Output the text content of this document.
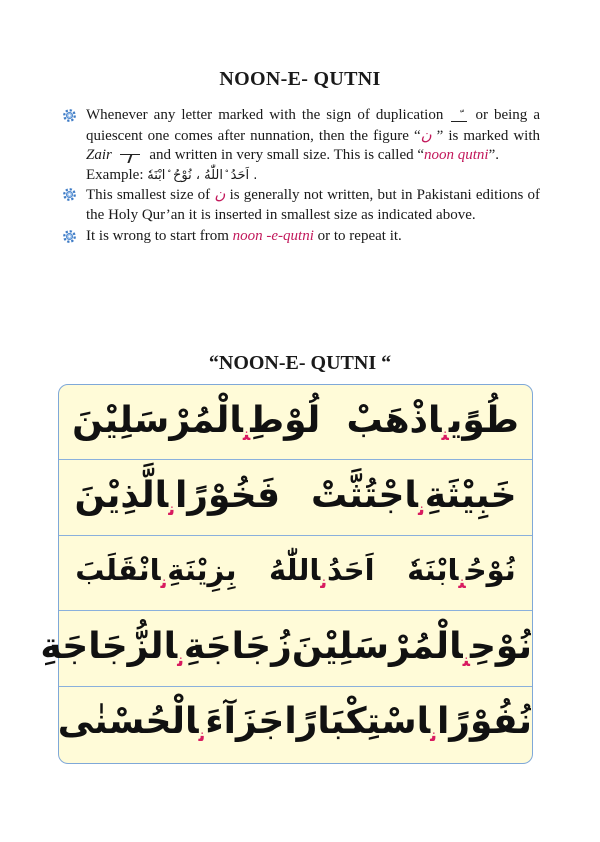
NOON-E- QUTNI
Whenever any letter marked with the sign of duplication or being a quiescent one comes after nunnation, then the figure “ن ” is marked with Zair	and written in very small size. This is called “noon qutni”.
Example: اَحَدُ ۨاللّٰهُ ، نُوْحُ ۨابْنَهٗ .
This smallest size of ن is generally not written, but in Pakistani editions of the Holy Qur’an it is inserted in smallest size as indicated above.
It is wrong to start from noon -e-qutni or to repeat it.
“NOON-E- QUTNI “
طُوًی$_ن$اذْهَبْ
$لُوْطِ_نالْمُرْسَلِيْنَ$
$خَبِيْثَةِ_ناجْتُثَّتْ$
فَخُوْرًا$_ن$الَّذِيْنَ
$نُوْحُ_نابْنَهٗ$
$اَحَدُ_ناللّٰهُ$
$بِزِيْنَةِ_نانْقَلَبَ$
$نُوْحِ_نالْمُرْسَلِيْنَ$
$زُجَاجَةِ_نالزُّجَاجَةِ$
نُفُوْرًا$_ن$اسْتِكْبَارًا
$جَزَآءَ_نالْحُسْنٰى$
